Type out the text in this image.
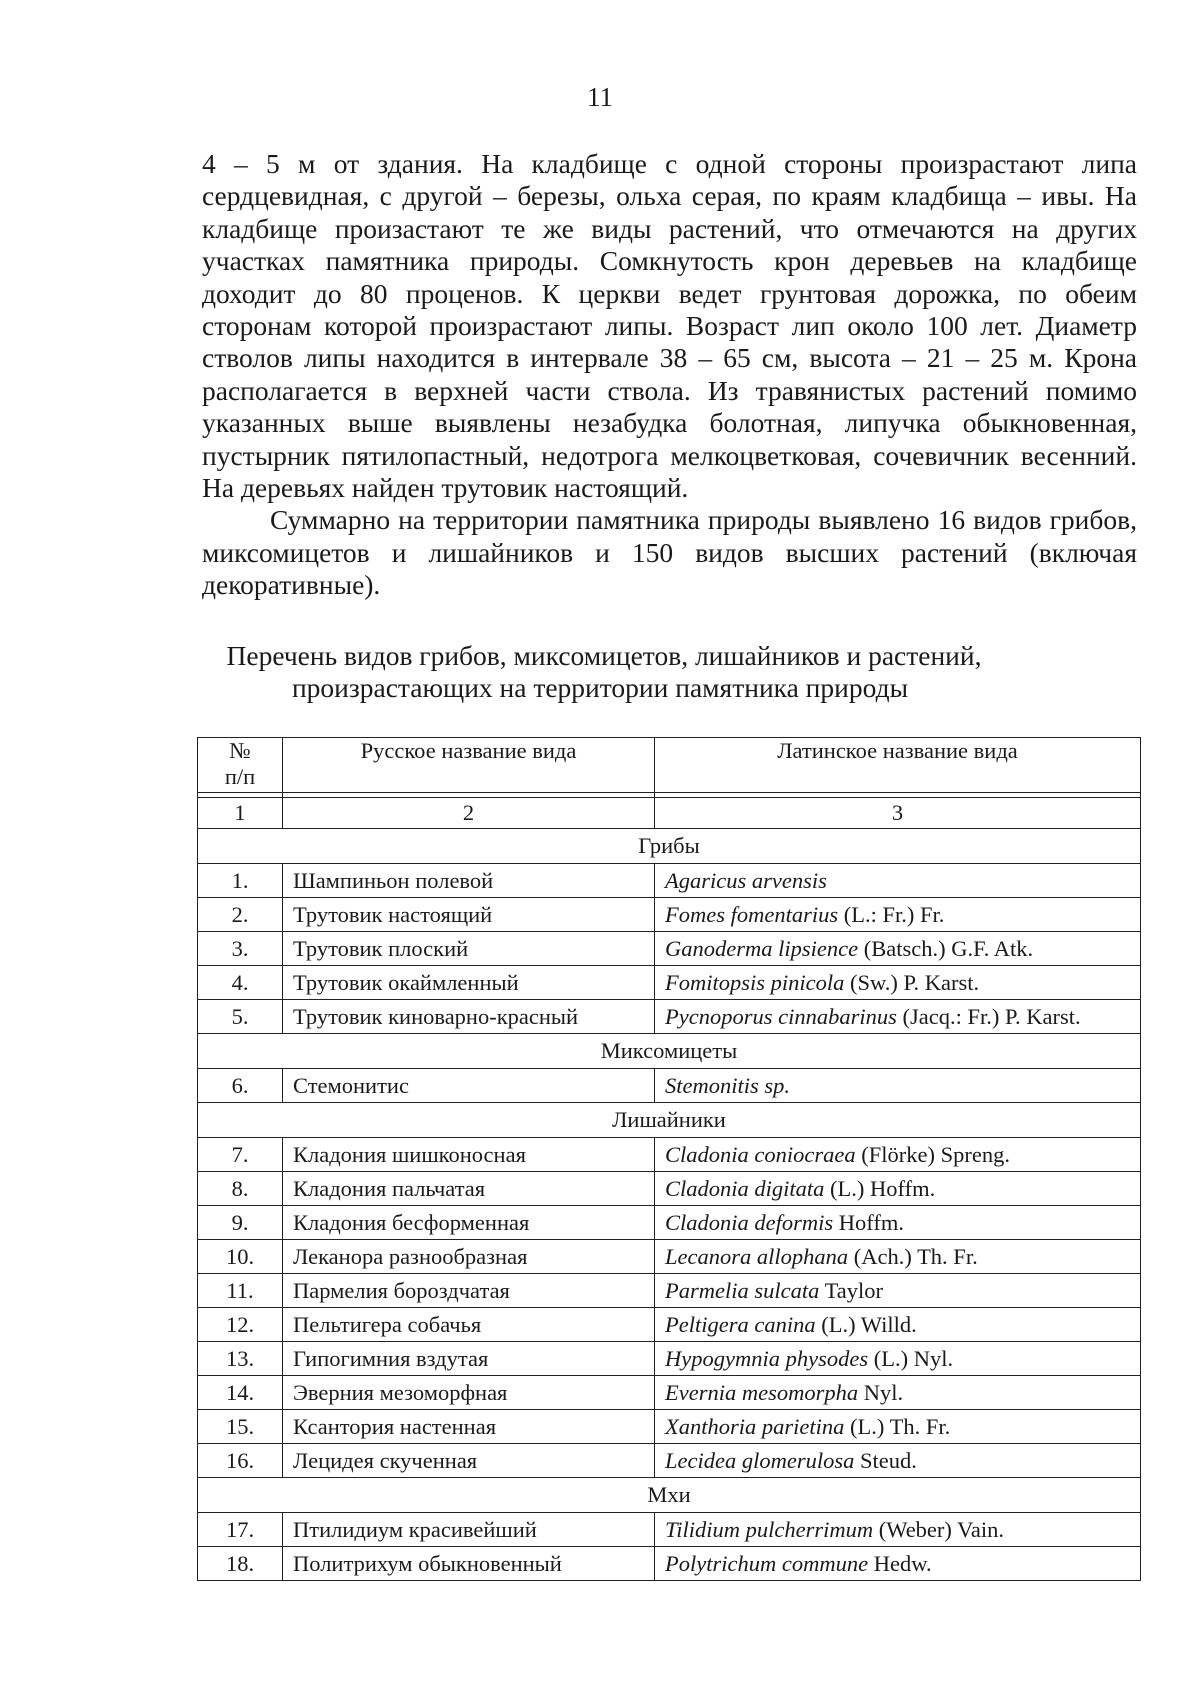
11

4 – 5 м от здания. На кладбище с одной стороны произрастают липа сердцевидная, с другой – березы, ольха серая, по краям кладбища – ивы. На кладбище произастают те же виды растений, что отмечаются на других участках памятника природы. Сомкнутость крон деревьев на кладбище доходит до 80 проценов. К церкви ведет грунтовая дорожка, по обеим сторонам которой произрастают липы. Возраст лип около 100 лет. Диаметр стволов липы находится в интервале 38 – 65 см, высота – 21 – 25 м. Крона располагается в верхней части ствола. Из травянистых растений помимо указанных выше выявлены незабудка болотная, липучка обыкновенная, пустырник пятилопастный, недотрога мелкоцветковая, сочевичник весенний. На деревьях найден трутовик настоящий.

Суммарно на территории памятника природы выявлено 16 видов грибов, миксомицетов и лишайников и 150 видов высших растений (включая декоративные).

Перечень видов грибов, миксомицетов, лишайников и растений,
произрастающих на территории памятника природы
№
п/п	Русское название вида	Латинское название вида

1	2	3
Грибы		
1.	Шампиньон полевой	Agaricus arvensis
2.	Трутовик настоящий	Fomes fomentarius (L.: Fr.) Fr.
3.	Трутовик плоский	Ganoderma lipsience (Batsch.) G.F. Atk.
4.	Трутовик окаймленный	Fomitopsis pinicola (Sw.) P. Karst.
5.	Трутовик киноварно-красный	Pycnoporus cinnabarinus (Jacq.: Fr.) P. Karst.
Миксомицеты		
6.	Стемонитис	Stemonitis sp.
Лишайники		
7.	Кладония шишконосная	Cladonia coniocraea (Flörke) Spreng.
8.	Кладония пальчатая	Cladonia digitata (L.) Hoffm.
9.	Кладония бесформенная	Cladonia deformis Hoffm.
10.	Леканора разнообразная	Lecanora allophana (Ach.) Th. Fr.
11.	Пармелия бороздчатая	Parmelia sulcata Taylor
12.	Пельтигера собачья	Peltigera canina (L.) Willd.
13.	Гипогимния вздутая	Hypogymnia physodes (L.) Nyl.
14.	Эверния мезоморфная	Evernia mesomorpha Nyl.
15.	Ксантория настенная	Xanthoria parietina (L.) Th. Fr.
16.	Лецидея скученная	Lecidea glomerulosa Steud.
Мхи		
17.	Птилидиум красивейший	Tilidium pulcherrimum (Weber) Vain.
18.	Политрихум обыкновенный	Polytrichum commune Hedw.
